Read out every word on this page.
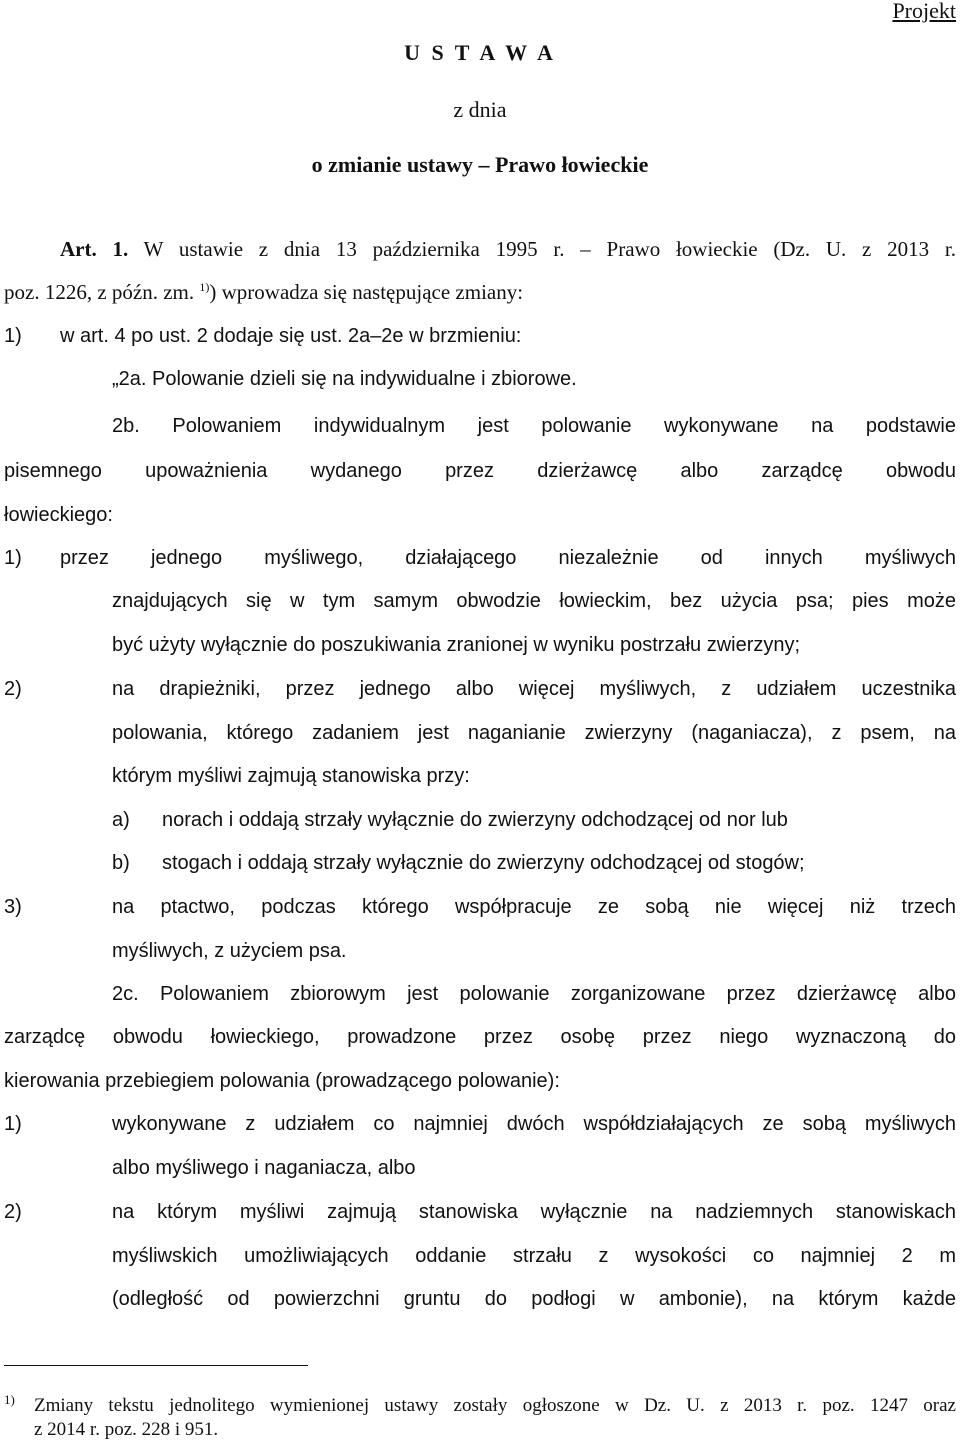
Projekt
U S T A W A
z dnia
o zmianie ustawy – Prawo łowieckie
Art. 1. W ustawie z dnia 13 października 1995 r. – Prawo łowieckie (Dz. U. z 2013 r.
poz. 1226, z późn. zm. $^{1)}$) wprowadza się następujące zmiany:
1) w art. 4 po ust. 2 dodaje się ust. 2a–2e w brzmieniu:
„2a. Polowanie dzieli się na indywidualne i zbiorowe.
2b. Polowaniem indywidualnym jest polowanie wykonywane na podstawie
pisemnego upoważnienia wydanego przez dzierżawcę albo zarządcę obwodu
łowieckiego:
1) przez jednego myśliwego, działającego niezależnie od innych myśliwych
znajdujących się w tym samym obwodzie łowieckim, bez użycia psa; pies może
być użyty wyłącznie do poszukiwania zranionej w wyniku postrzału zwierzyny;
2)	na drapieżniki, przez jednego albo więcej myśliwych, z udziałem uczestnika
polowania, którego zadaniem jest naganianie zwierzyny (naganiacza), z psem, na
którym myśliwi zajmują stanowiska przy:
a) norach i oddają strzały wyłącznie do zwierzyny odchodzącej od nor lub
b) stogach i oddają strzały wyłącznie do zwierzyny odchodzącej od stogów;
3)	na ptactwo, podczas którego współpracuje ze sobą nie więcej niż trzech
myśliwych, z użyciem psa.
2c. Polowaniem zbiorowym jest polowanie zorganizowane przez dzierżawcę albo
zarządcę obwodu łowieckiego, prowadzone przez osobę przez niego wyznaczoną do
kierowania przebiegiem polowania (prowadzącego polowanie):
1)	wykonywane z udziałem co najmniej dwóch współdziałających ze sobą myśliwych
albo myśliwego i naganiacza, albo
2)	na którym myśliwi zajmują stanowiska wyłącznie na nadziemnych stanowiskach
myśliwskich umożliwiających oddanie strzału z wysokości co najmniej 2 m
(odległość od powierzchni gruntu do podłogi w ambonie), na którym każde
1) Zmiany tekstu jednolitego wymienionej ustawy zostały ogłoszone w Dz. U. z 2013 r. poz. 1247 oraz
z 2014 r. poz. 228 i 951.
